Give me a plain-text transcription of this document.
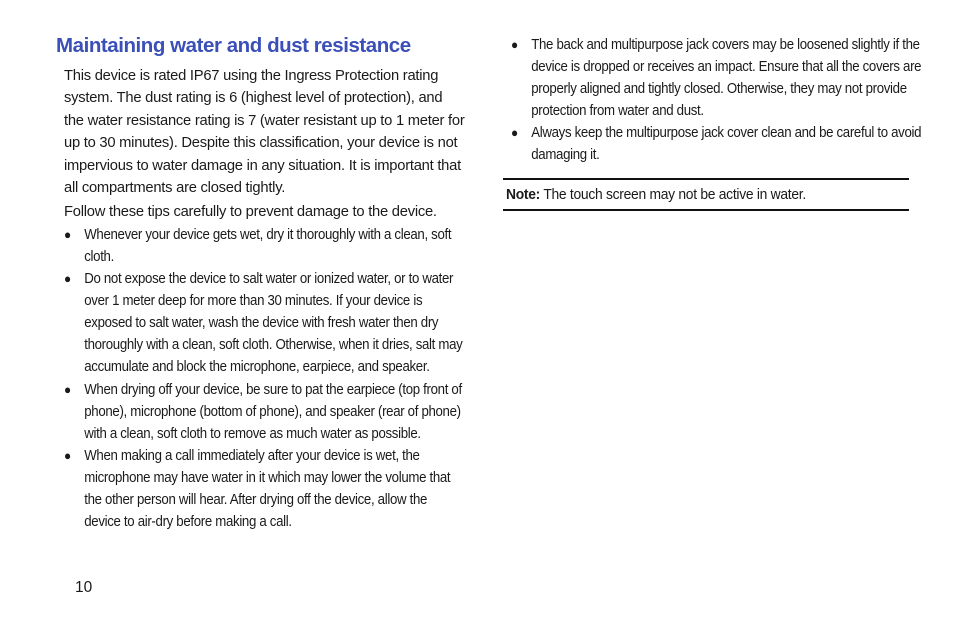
Maintaining water and dust resistance

This device is rated IP67 using the Ingress Protection rating system. The dust rating is 6 (highest level of protection), and the water resistance rating is 7 (water resistant up to 1 meter for up to 30 minutes). Despite this classification, your device is not impervious to water damage in any situation. It is important that all compartments are closed tightly.

Follow these tips carefully to prevent damage to the device.

● Whenever your device gets wet, dry it thoroughly with a clean, soft cloth.
● Do not expose the device to salt water or ionized water, or to water over 1 meter deep for more than 30 minutes. If your device is exposed to salt water, wash the device with fresh water then dry thoroughly with a clean, soft cloth. Otherwise, when it dries, salt may accumulate and block the microphone, earpiece, and speaker.
● When drying off your device, be sure to pat the earpiece (top front of phone), microphone (bottom of phone), and speaker (rear of phone) with a clean, soft cloth to remove as much water as possible.
● When making a call immediately after your device is wet, the microphone may have water in it which may lower the volume that the other person will hear. After drying off the device, allow the device to air-dry before making a call.
● The back and multipurpose jack covers may be loosened slightly if the device is dropped or receives an impact. Ensure that all the covers are properly aligned and tightly closed. Otherwise, they may not provide protection from water and dust.
● Always keep the multipurpose jack cover clean and be careful to avoid damaging it.
Note: The touch screen may not be active in water.
10
